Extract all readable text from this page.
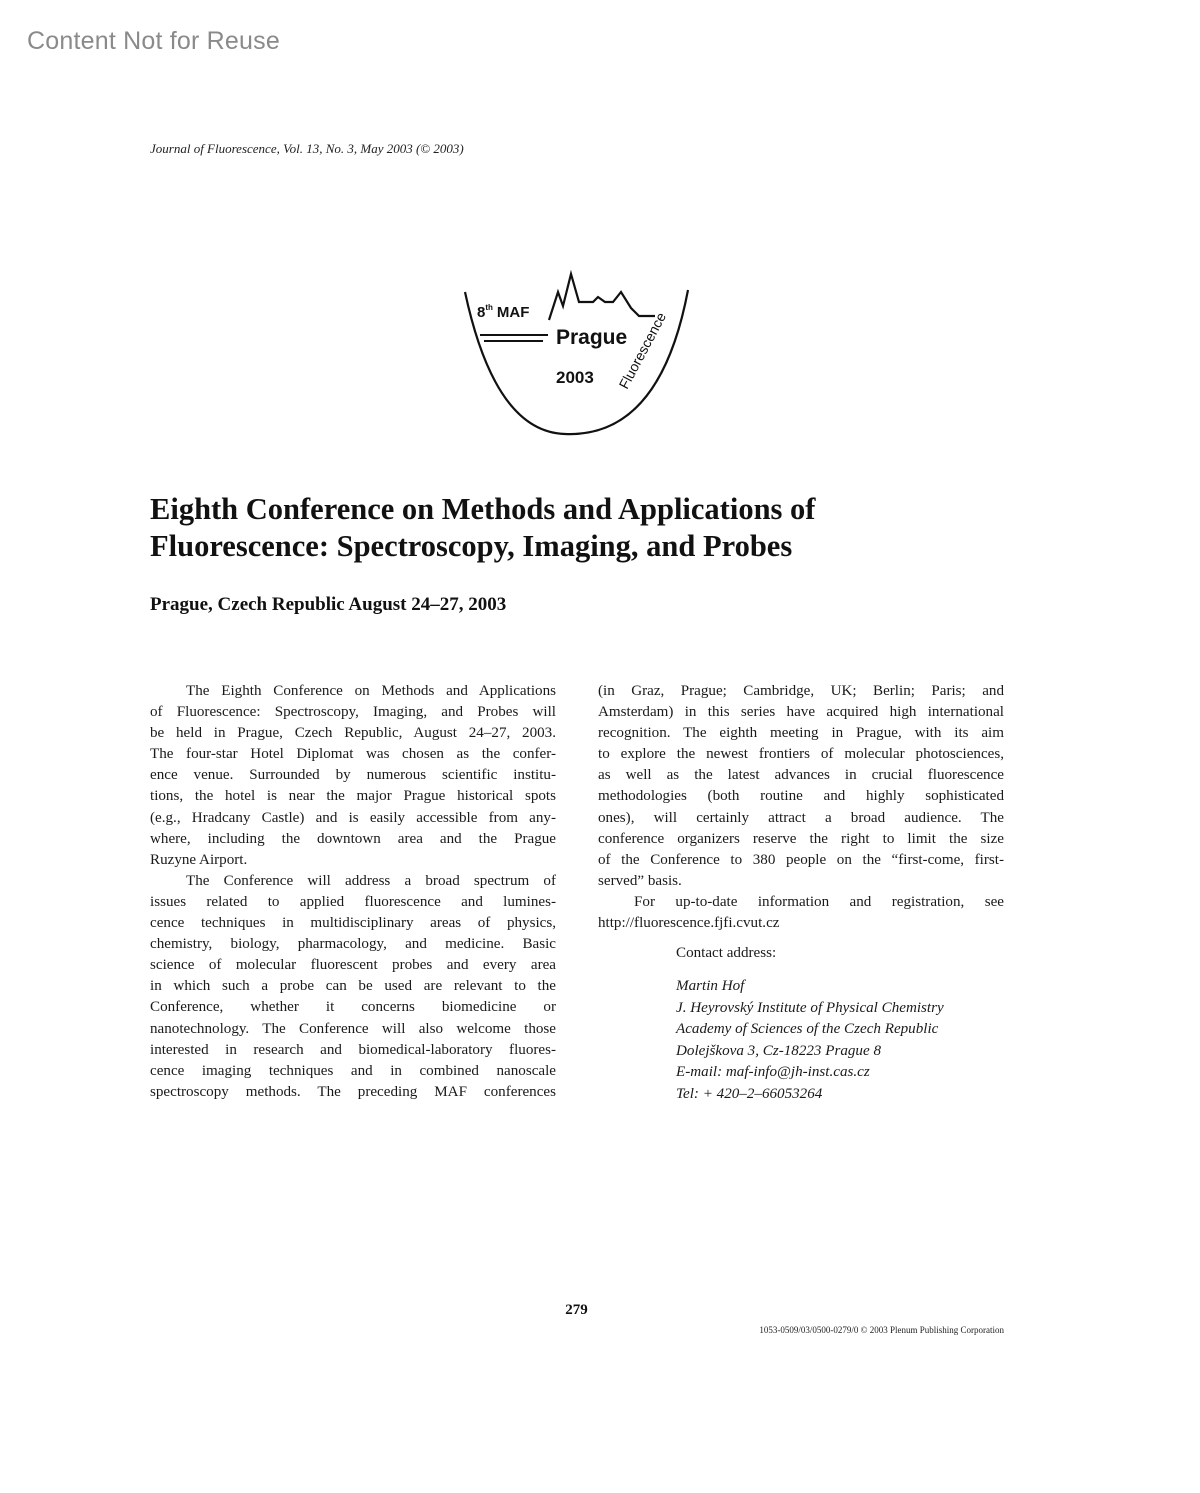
Content Not for Reuse
Journal of Fluorescence, Vol. 13, No. 3, May 2003 (© 2003)
8th MAF
Prague
2003 Fluorescence
Eighth Conference on Methods and Applications of
Fluorescence: Spectroscopy, Imaging, and Probes
Prague, Czech Republic August 24–27, 2003
The Eighth Conference on Methods and Applications
of Fluorescence: Spectroscopy, Imaging, and Probes will
be held in Prague, Czech Republic, August 24–27, 2003.
The four-star Hotel Diplomat was chosen as the confer-
ence venue. Surrounded by numerous scientific institu-
tions, the hotel is near the major Prague historical spots
(e.g., Hradcany Castle) and is easily accessible from any-
where, including the downtown area and the Prague
Ruzyne Airport.
The Conference will address a broad spectrum of
issues related to applied fluorescence and lumines-
cence techniques in multidisciplinary areas of physics,
chemistry, biology, pharmacology, and medicine. Basic
science of molecular fluorescent probes and every area
in which such a probe can be used are relevant to the
Conference, whether it concerns biomedicine or
nanotechnology. The Conference will also welcome those
interested in research and biomedical-laboratory fluores-
cence imaging techniques and in combined nanoscale
spectroscopy methods. The preceding MAF conferences
(in Graz, Prague; Cambridge, UK; Berlin; Paris; and
Amsterdam) in this series have acquired high international
recognition. The eighth meeting in Prague, with its aim
to explore the newest frontiers of molecular photosciences,
as well as the latest advances in crucial fluorescence
methodologies (both routine and highly sophisticated
ones), will certainly attract a broad audience. The
conference organizers reserve the right to limit the size
of the Conference to 380 people on the “first-come, first-
served” basis.
For up-to-date information and registration, see
http://fluorescence.fjfi.cvut.cz
Contact address:
Martin Hof
J. Heyrovský Institute of Physical Chemistry
Academy of Sciences of the Czech Republic
Dolejškova 3, Cz-18223 Prague 8
E-mail: maf-info@jh-inst.cas.cz
Tel: + 420–2–66053264
279
1053-0509/03/0500-0279/0 © 2003 Plenum Publishing Corporation
